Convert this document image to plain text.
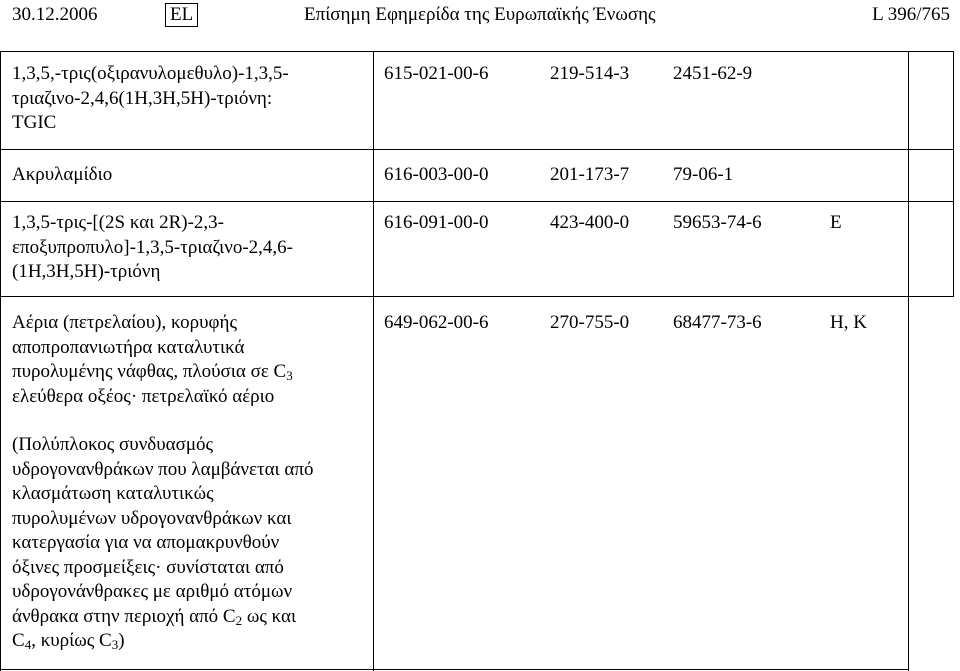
30.12.2006	EL	Επίσημη Εφημερίδα της Ευρωπαϊκής Ένωσης	L 396/765
1,3,5,-τρις(οξιρανυλομεθυλο)-1,3,5-
τριαζινο-2,4,6(1Η,3Η,5Η)-τριόνη:
TGIC
615-021-00-6	219-514-3 2451-62-9
Ακρυλαμίδιο	616-003-00-0	201-173-7 79-06-1
1,3,5-τρις-[(2S και 2R)-2,3-
εποξυπροπυλο]-1,3,5-τριαζινο-2,4,6-
(1Η,3Η,5Η)-τριόνη
616-091-00-0	423-400-0 59653-74-6	E
Αέρια (πετρελαίου), κορυφής
αποπροπανιωτήρα καταλυτικά
πυρολυμένης νάφθας, πλούσια σε $C_3$
ελεύθερα οξέος· πετρελαϊκό αέριο
(Πολύπλοκος συνδυασμός
υδρογονανθράκων που λαμβάνεται από
κλασμάτωση καταλυτικώς
πυρολυμένων υδρογονανθράκων και
κατεργασία για να απομακρυνθούν
όξινες προσμείξεις· συνίσταται από
υδρογονάνθρακες με αριθμό ατόμων
άνθρακα στην περιοχή από $C_2$ ως και
$C_4$, κυρίως $C_3$)
649-062-00-6	270-755-0 68477-73-6	H, K
